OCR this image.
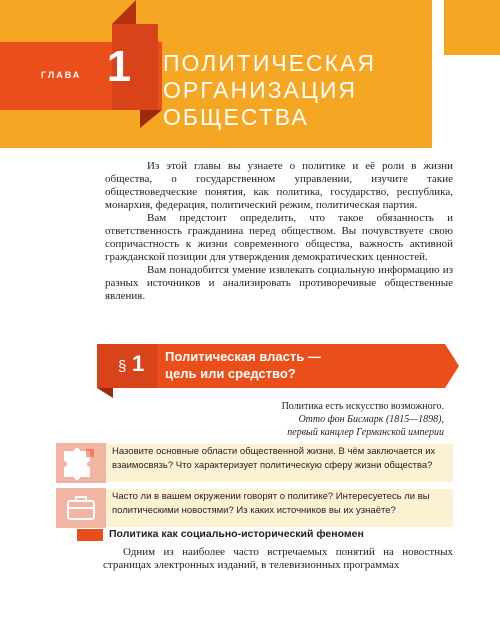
ГЛАВА 1	ПОЛИТИЧЕСКАЯ
ОРГАНИЗАЦИЯ
ОБЩЕСТВА

Из этой главы вы узнаете о политике и её роли в жизни общества, о государственном управлении, изучите такие обществоведческие понятия, как политика, государство, республика, монархия, федерация, политический режим, политическая партия.

Вам предстоит определить, что такое обязанность и ответственность гражданина перед обществом. Вы почувствуете свою сопричастность к жизни современного общества, важность активной гражданской позиции для утверждения демократических ценностей.

Вам понадобится умение извлекать социальную информацию из разных источников и анализировать противоречивые общественные явления.

§ 1 Политическая власть —
цель или средство?
Политика есть искусство возможного.
Отто фон Бисмарк (1815—1898),
первый канцлер Германской империи
Назовите основные области общественной жизни. В чём заключается их взаимосвязь? Что характеризует политическую сферу жизни общества?
Часто ли в вашем окружении говорят о политике? Интересуетесь ли вы политическими новостями? Из каких источников вы их узнаёте?
Политика как социально-исторический феномен

Одним из наиболее часто встречаемых понятий на новостных страницах электронных изданий, в телевизионных программах
